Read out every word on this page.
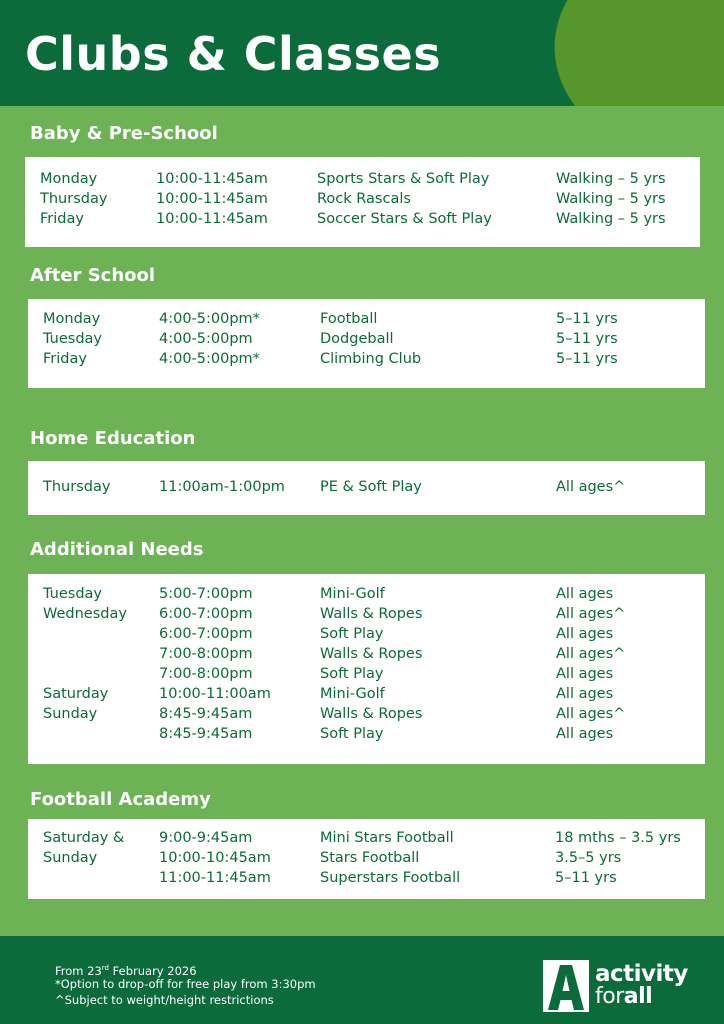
Clubs & Classes
Baby & Pre-School
Monday	10:00-11:45am	Sports Stars & Soft Play	Walking – 5 yrs
Thursday	10:00-11:45am	Rock Rascals	Walking – 5 yrs
Friday	10:00-11:45am	Soccer Stars & Soft Play	Walking – 5 yrs
After School
Monday	4:00-5:00pm*	Football	5–11 yrs
Tuesday	4:00-5:00pm	Dodgeball	5–11 yrs
Friday	4:00-5:00pm*	Climbing Club	5–11 yrs
Home Education
Thursday	11:00am-1:00pm PE & Soft Play	All ages^
Additional Needs
Tuesday	5:00-7:00pm	Mini-Golf	All ages
Wednesday 6:00-7:00pm	Walls & Ropes	All ages^
6:00-7:00pm	Soft Play	All ages
7:00-8:00pm	Walls & Ropes	All ages^
7:00-8:00pm	Soft Play	All ages
Saturday	10:00-11:00am	Mini-Golf	All ages
Sunday	8:45-9:45am	Walls & Ropes	All ages^
8:45-9:45am	Soft Play	All ages
Football Academy
Saturday & 9:00-9:45am	Mini Stars Football	18 mths – 3.5 yrs
Sunday	10:00-10:45am	Stars Football	3.5–5 yrs
11:00-11:45am	Superstars Football	5–11 yrs
From 23rd February 2026
*Option to drop-off for free play from 3:30pm
^Subject to weight/height restrictions
activity
forall
